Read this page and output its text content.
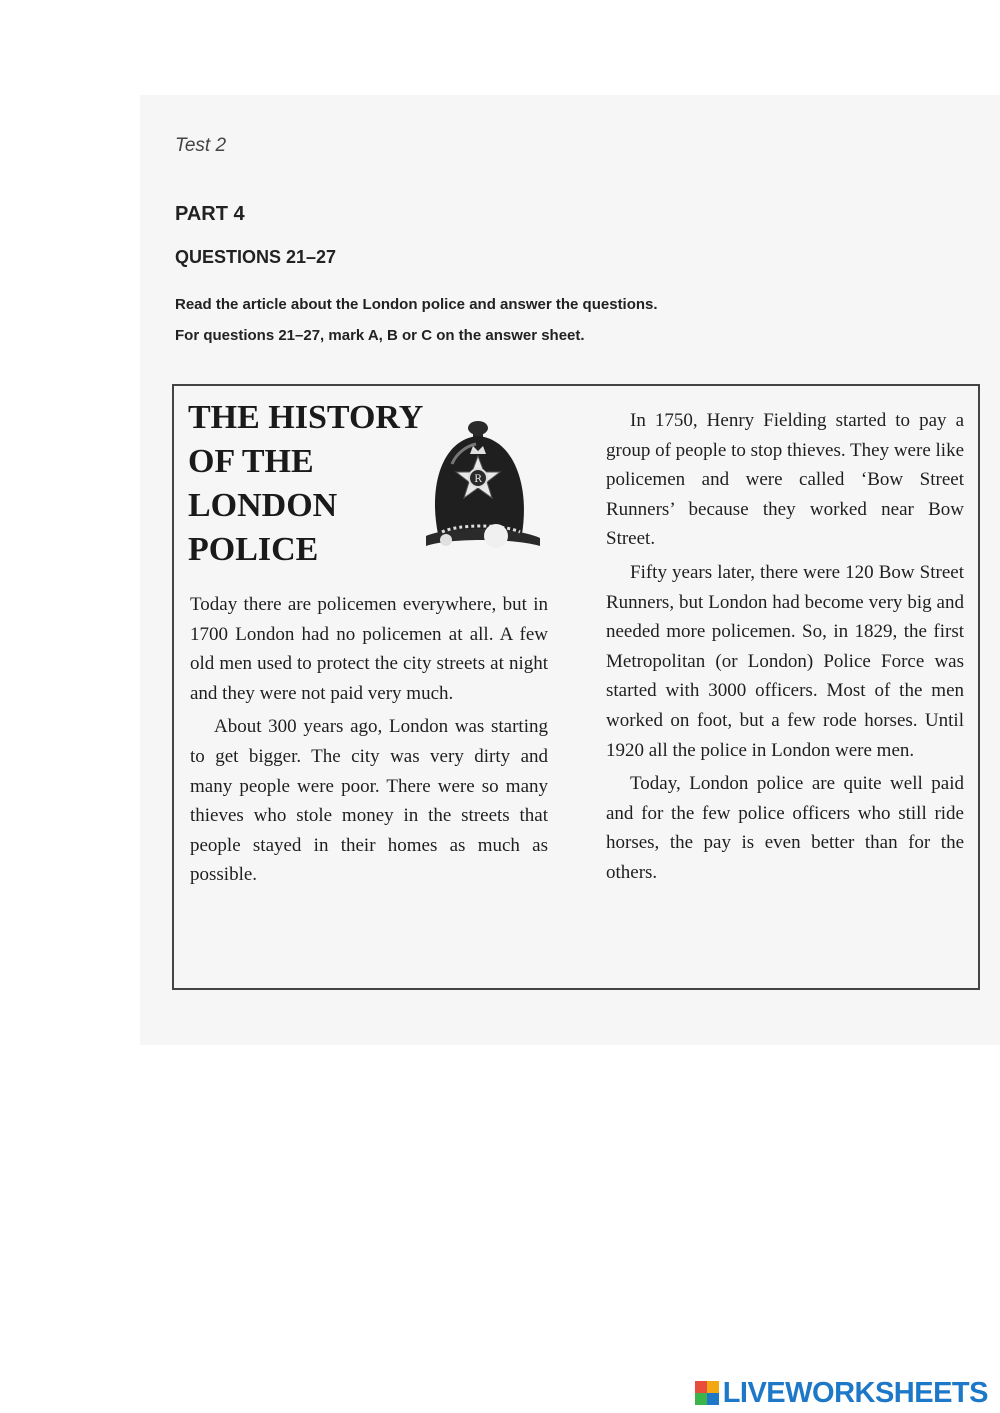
Test 2
PART 4
QUESTIONS 21–27
Read the article about the London police and answer the questions.
For questions 21–27, mark A, B or C on the answer sheet.
THE HISTORY
OF THE
LONDON
POLICE
R

Today there are policemen everywhere, but in 1700 London had no policemen at all. A few old men used to protect the city streets at night and they were not paid very much.

About 300 years ago, London was starting to get bigger. The city was very dirty and many people were poor. There were so many thieves who stole money in the streets that people stayed in their homes as much as possible.

In 1750, Henry Fielding started to pay a group of people to stop thieves. They were like policemen and were called ‘Bow Street Runners’ because they worked near Bow Street.

Fifty years later, there were 120 Bow Street Runners, but London had become very big and needed more policemen. So, in 1829, the first Metropolitan (or London) Police Force was started with 3000 officers. Most of the men worked on foot, but a few rode horses. Until 1920 all the police in London were men.

Today, London police are quite well paid and for the few police officers who still ride horses, the pay is even better than for the others.

LIVEWORKSHEETS
